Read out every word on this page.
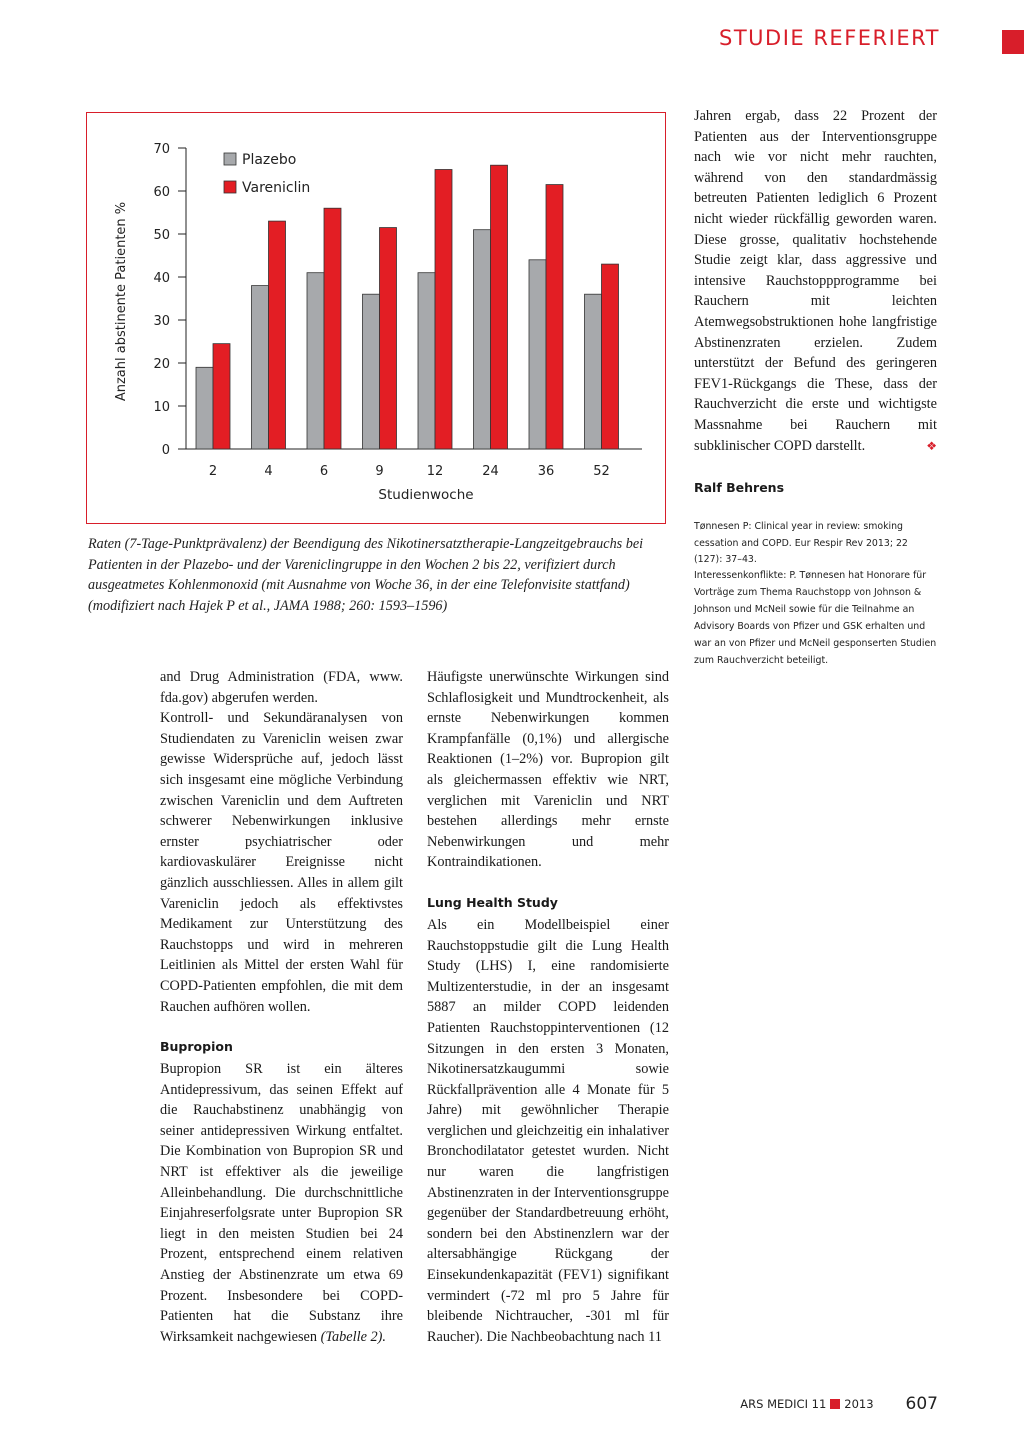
STUDIE REFERIERT
0
10
20
30
40
50
60
70
2	4	6	9	12	24	36	52
Studienwoche
Anzahl abstinente Patienten %
Plazebo
Vareniclin
Raten (7-Tage-Punktprävalenz) der Beendigung des Nikotinersatztherapie-Langzeitgebrauchs bei Patienten in der Plazebo- und der Vareniclingruppe in den Wochen 2 bis 22, verifiziert durch ausgeatmetes Kohlenmonoxid (mit Ausnahme von Woche 36, in der eine Telefonvisite stattfand) (modifiziert nach Hajek P et al., JAMA 1988; 260: 1593–1596)

and Drug Administration (FDA, www. fda.gov) abgerufen werden.

Kontroll- und Sekundäranalysen von Studiendaten zu Vareniclin weisen zwar gewisse Widersprüche auf, jedoch lässt sich insgesamt eine mögliche Verbindung zwischen Vareniclin und dem Auftreten schwerer Nebenwirkungen inklusive ernster psychiatrischer oder kardiovaskulärer Ereignisse nicht gänzlich ausschliessen. Alles in allem gilt Vareniclin jedoch als effektivstes Medikament zur Unterstützung des Rauchstopps und wird in mehreren Leitlinien als Mittel der ersten Wahl für COPD-Patienten empfohlen, die mit dem Rauchen aufhören wollen.

Bupropion

Bupropion SR ist ein älteres Antidepressivum, das seinen Effekt auf die Rauchabstinenz unabhängig von seiner antidepressiven Wirkung entfaltet. Die Kombination von Bupropion SR und NRT ist effektiver als die jeweilige Alleinbehandlung. Die durchschnittliche Einjahreserfolgsrate unter Bupropion SR liegt in den meisten Studien bei 24 Prozent, entsprechend einem relativen Anstieg der Abstinenzrate um etwa 69 Prozent. Insbesondere bei COPD-Patienten hat die Substanz ihre Wirksamkeit nachgewiesen (Tabelle 2).

Häufigste unerwünschte Wirkungen sind Schlaflosigkeit und Mundtrockenheit, als ernste Nebenwirkungen kommen Krampfanfälle (0,1%) und allergische Reaktionen (1–2%) vor. Bupropion gilt als gleichermassen effektiv wie NRT, verglichen mit Vareniclin und NRT bestehen allerdings mehr ernste Nebenwirkungen und mehr Kontraindikationen.

Lung Health Study

Als ein Modellbeispiel einer Rauchstoppstudie gilt die Lung Health Study (LHS) I, eine randomisierte Multizenterstudie, in der an insgesamt 5887 an milder COPD leidenden Patienten Rauchstoppinterventionen (12 Sitzungen in den ersten 3 Monaten, Nikotinersatzkaugummi sowie Rückfallprävention alle 4 Monate für 5 Jahre) mit gewöhnlicher Therapie verglichen und gleichzeitig ein inhalativer Bronchodilatator getestet wurden. Nicht nur waren die langfristigen Abstinenzraten in der Interventionsgruppe gegenüber der Standardbetreuung erhöht, sondern bei den Abstinenzlern war der altersabhängige Rückgang der Einsekundenkapazität (FEV1) signifikant vermindert (-72 ml pro 5 Jahre für bleibende Nichtraucher, -301 ml für Raucher). Die Nachbeobachtung nach 11

Jahren ergab, dass 22 Prozent der Patienten aus der Interventionsgruppe nach wie vor nicht mehr rauchten, während von den standardmässig betreuten Patienten lediglich 6 Prozent nicht wieder rückfällig geworden waren. Diese grosse, qualitativ hochstehende Studie zeigt klar, dass aggressive und intensive Rauchstoppprogramme bei Rauchern mit leichten Atemwegsobstruktionen hohe langfristige Abstinenzraten erzielen. Zudem unterstützt der Befund des geringeren FEV1-Rückgangs die These, dass der Rauchverzicht die erste und wichtigste Massnahme bei Rauchern mit subklinischer COPD darstellt.	❖

Ralf Behrens
Tønnesen P: Clinical year in review: smoking cessation and COPD. Eur Respir Rev 2013; 22 (127): 37–43.
Interessenkonflikte: P. Tønnesen hat Honorare für Vorträge zum Thema Rauchstopp von Johnson & Johnson und McNeil sowie für die Teilnahme an Advisory Boards von Pfizer und GSK erhalten und war an von Pfizer und McNeil gesponserten Studien zum Rauchverzicht beteiligt.
ARS MEDICI 11 2013 607
